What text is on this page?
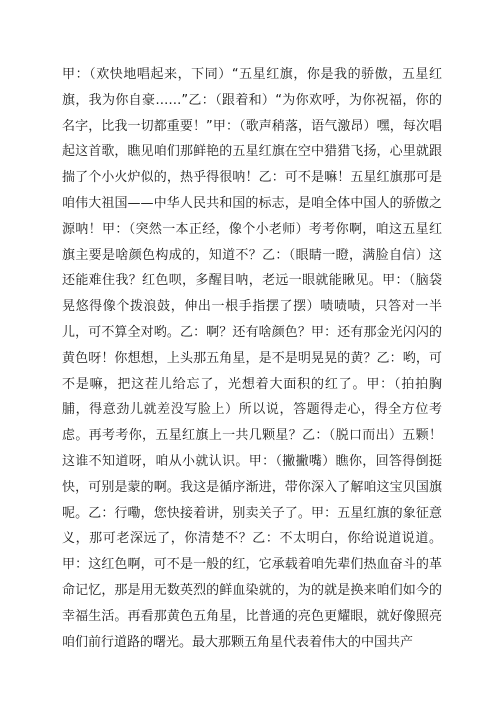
甲：（欢快地唱起来，下同）“五星红旗，你是我的骄傲，五星红旗，我为你自豪……”乙：（跟着和）“为你欢呼，为你祝福，你的名字，比我一切都重要！”甲：（歌声稍落，语气激昂）嘿，每次唱起这首歌，瞧见咱们那鲜艳的五星红旗在空中猎猎飞扬，心里就跟揣了个小火炉似的，热乎得很呐！乙：可不是嘛！五星红旗那可是咱伟大祖国——中华人民共和国的标志，是咱全体中国人的骄傲之源呐！甲：（突然一本正经，像个小老师）考考你啊，咱这五星红旗主要是啥颜色构成的，知道不？乙：（眼睛一瞪，满脸自信）这还能难住我？红色呗，多醒目呐，老远一眼就能瞅见。甲：（脑袋晃悠得像个拨浪鼓，伸出一根手指摆了摆）啧啧啧，只答对一半儿，可不算全对哟。乙：啊？还有啥颜色？甲：还有那金光闪闪的黄色呀！你想想，上头那五角星，是不是明晃晃的黄？乙：哟，可不是嘛，把这茬儿给忘了，光想着大面积的红了。甲：（拍拍胸脯，得意劲儿就差没写脸上）所以说，答题得走心，得全方位考虑。再考考你，五星红旗上一共几颗星？乙：（脱口而出）五颗！这谁不知道呀，咱从小就认识。甲：（撇撇嘴）瞧你，回答得倒挺快，可别是蒙的啊。我这是循序渐进，带你深入了解咱这宝贝国旗呢。乙：行嘞，您快接着讲，别卖关子了。甲：五星红旗的象征意义，那可老深远了，你清楚不？乙：不太明白，你给说道说道。甲：这红色啊，可不是一般的红，它承载着咱先辈们热血奋斗的革命记忆，那是用无数英烈的鲜血染就的，为的就是换来咱们如今的幸福生活。再看那黄色五角星，比普通的亮色更耀眼，就好像照亮咱们前行道路的曙光。最大那颗五角星代表着伟大的中国共产
